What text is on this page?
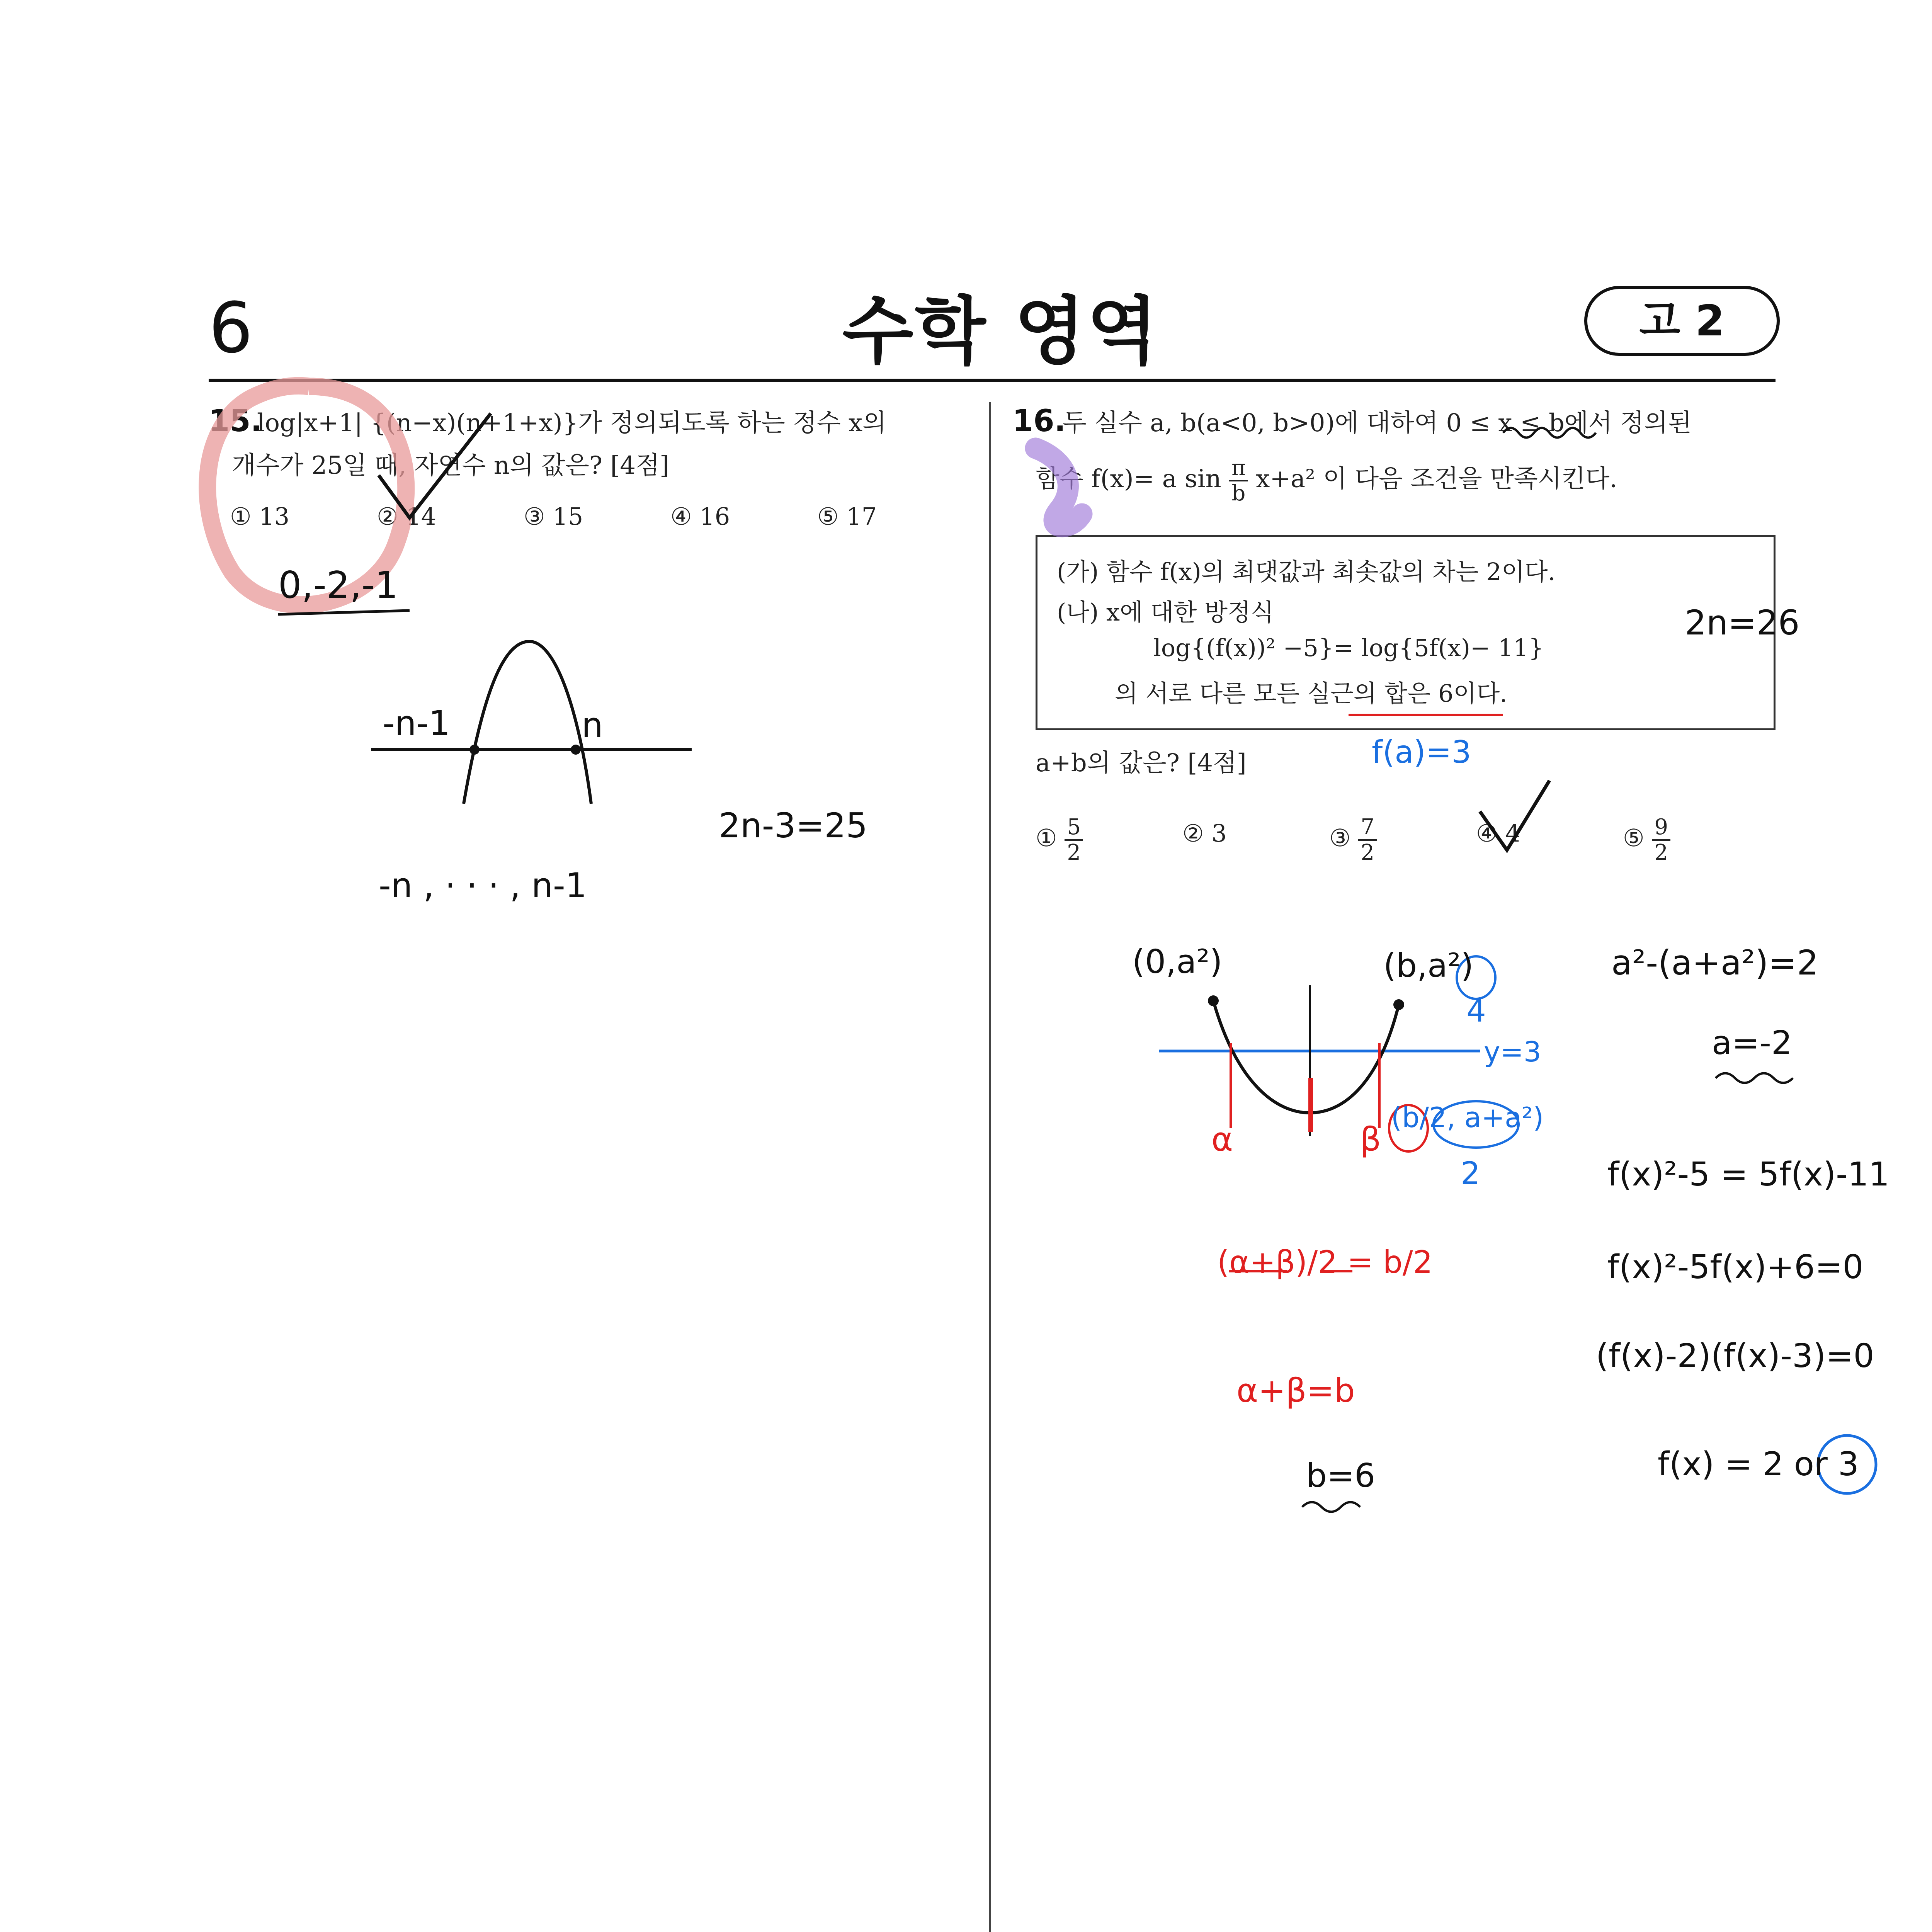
6	수학 영역	고 2
15.
log|x+1| {(n−x)(n+1+x)}가 정의되도록 하는 정수 x의
개수가 25일 때, 자연수 n의 값은? [4점]
① 13	② 14	③ 15	④ 16	⑤ 17
16.
두 실수 a, b(a<0, b>0)에 대하여 0 ≤ x ≤ b에서 정의된
함수 f(x)= a $\sin \frac{\pi}{b} x+a^2$ 이 다음 조건을 만족시킨다.
(가) 함수 f(x)의 최댓값과 최솟값의 차는 2이다.
(나) x에 대한 방정식
log{(f(x))² −5}= log{5f(x)− 11}
의 서로 다른 모든 실근의 합은 6이다.
a+b의 값은? [4점]
① $\frac{5}{2}$	② 3	③ $\frac{7}{2}$	④ 4	⑤ $\frac{9}{2}$
0,-2,-1
-n-1	n
2n-3=25
-n , · · · , n-1
2n=26
f(a)=3
(0,a²)	(b,a²)
4
y=3
α	β
(b/2, a+a²)
2
a²-(a+a²)=2
a=-2
(α+β)/2 = b/2
α+β=b
b=6
f(x)²-5 = 5f(x)-11
f(x)²-5f(x)+6=0
(f(x)-2)(f(x)-3)=0
f(x) = 2 or 3
